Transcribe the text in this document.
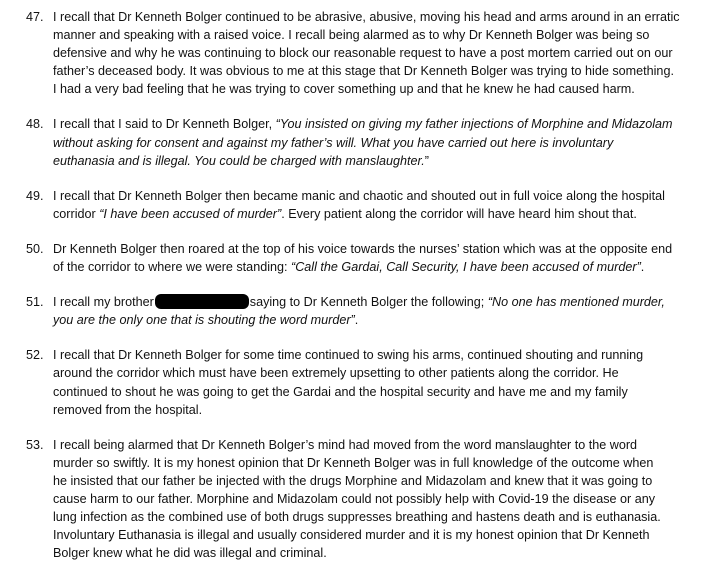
47. I recall that Dr Kenneth Bolger continued to be abrasive, abusive, moving his head and arms around in an erratic
manner and speaking with a raised voice. I recall being alarmed as to why Dr Kenneth Bolger was being so
defensive and why he was continuing to block our reasonable request to have a post mortem carried out on our
father’s deceased body. It was obvious to me at this stage that Dr Kenneth Bolger was trying to hide something.
I had a very bad feeling that he was trying to cover something up and that he knew he had caused harm.
48. I recall that I said to Dr Kenneth Bolger, “You insisted on giving my father injections of Morphine and Midazolam
without asking for consent and against my father’s will. What you have carried out here is involuntary
euthanasia and is illegal. You could be charged with manslaughter.”
49. I recall that Dr Kenneth Bolger then became manic and chaotic and shouted out in full voice along the hospital
corridor “I have been accused of murder”. Every patient along the corridor will have heard him shout that.
50. Dr Kenneth Bolger then roared at the top of his voice towards the nurses’ station which was at the opposite end
of the corridor to where we were standing: “Call the Gardai, Call Security, I have been accused of murder”.
51. I recall my brother	saying to Dr Kenneth Bolger the following; “No one has mentioned murder,
you are the only one that is shouting the word murder”.
52. I recall that Dr Kenneth Bolger for some time continued to swing his arms, continued shouting and running
around the corridor which must have been extremely upsetting to other patients along the corridor. He
continued to shout he was going to get the Gardai and the hospital security and have me and my family
removed from the hospital.
53. I recall being alarmed that Dr Kenneth Bolger’s mind had moved from the word manslaughter to the word
murder so swiftly. It is my honest opinion that Dr Kenneth Bolger was in full knowledge of the outcome when
he insisted that our father be injected with the drugs Morphine and Midazolam and knew that it was going to
cause harm to our father. Morphine and Midazolam could not possibly help with Covid-19 the disease or any
lung infection as the combined use of both drugs suppresses breathing and hastens death and is euthanasia.
Involuntary Euthanasia is illegal and usually considered murder and it is my honest opinion that Dr Kenneth
Bolger knew what he did was illegal and criminal.
